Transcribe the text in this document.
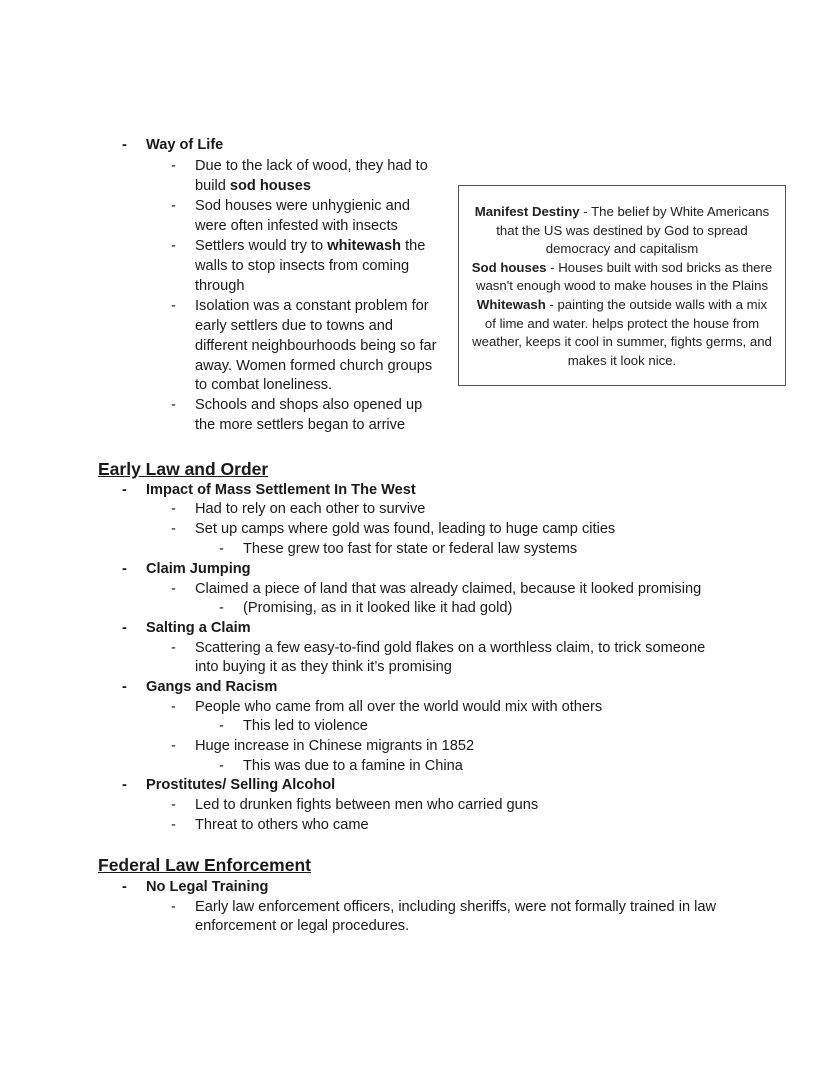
- Way of Life
- Due to the lack of wood, they had to
build sod houses
- Sod houses were unhygienic and
were often infested with insects
- Settlers would try to whitewash the
walls to stop insects from coming
through
- Isolation was a constant problem for
early settlers due to towns and
different neighbourhoods being so far
away. Women formed church groups
to combat loneliness.
- Schools and shops also opened up
the more settlers began to arrive

Manifest Destiny - The belief by White Americans

that the US was destined by God to spread

democracy and capitalism

Sod houses - Houses built with sod bricks as there

wasn't enough wood to make houses in the Plains

Whitewash - painting the outside walls with a mix

of lime and water. helps protect the house from

weather, keeps it cool in summer, fights germs, and

makes it look nice.

Early Law and Order
- Impact of Mass Settlement In The West
- Had to rely on each other to survive
- Set up camps where gold was found, leading to huge camp cities
- These grew too fast for state or federal law systems
- Claim Jumping
- Claimed a piece of land that was already claimed, because it looked promising
- (Promising, as in it looked like it had gold)
- Salting a Claim
- Scattering a few easy-to-find gold flakes on a worthless claim, to trick someone
into buying it as they think it’s promising
- Gangs and Racism
- People who came from all over the world would mix with others
- This led to violence
- Huge increase in Chinese migrants in 1852
- This was due to a famine in China
- Prostitutes/ Selling Alcohol
- Led to drunken fights between men who carried guns
- Threat to others who came
Federal Law Enforcement
- No Legal Training
- Early law enforcement officers, including sheriffs, were not formally trained in law
enforcement or legal procedures.
